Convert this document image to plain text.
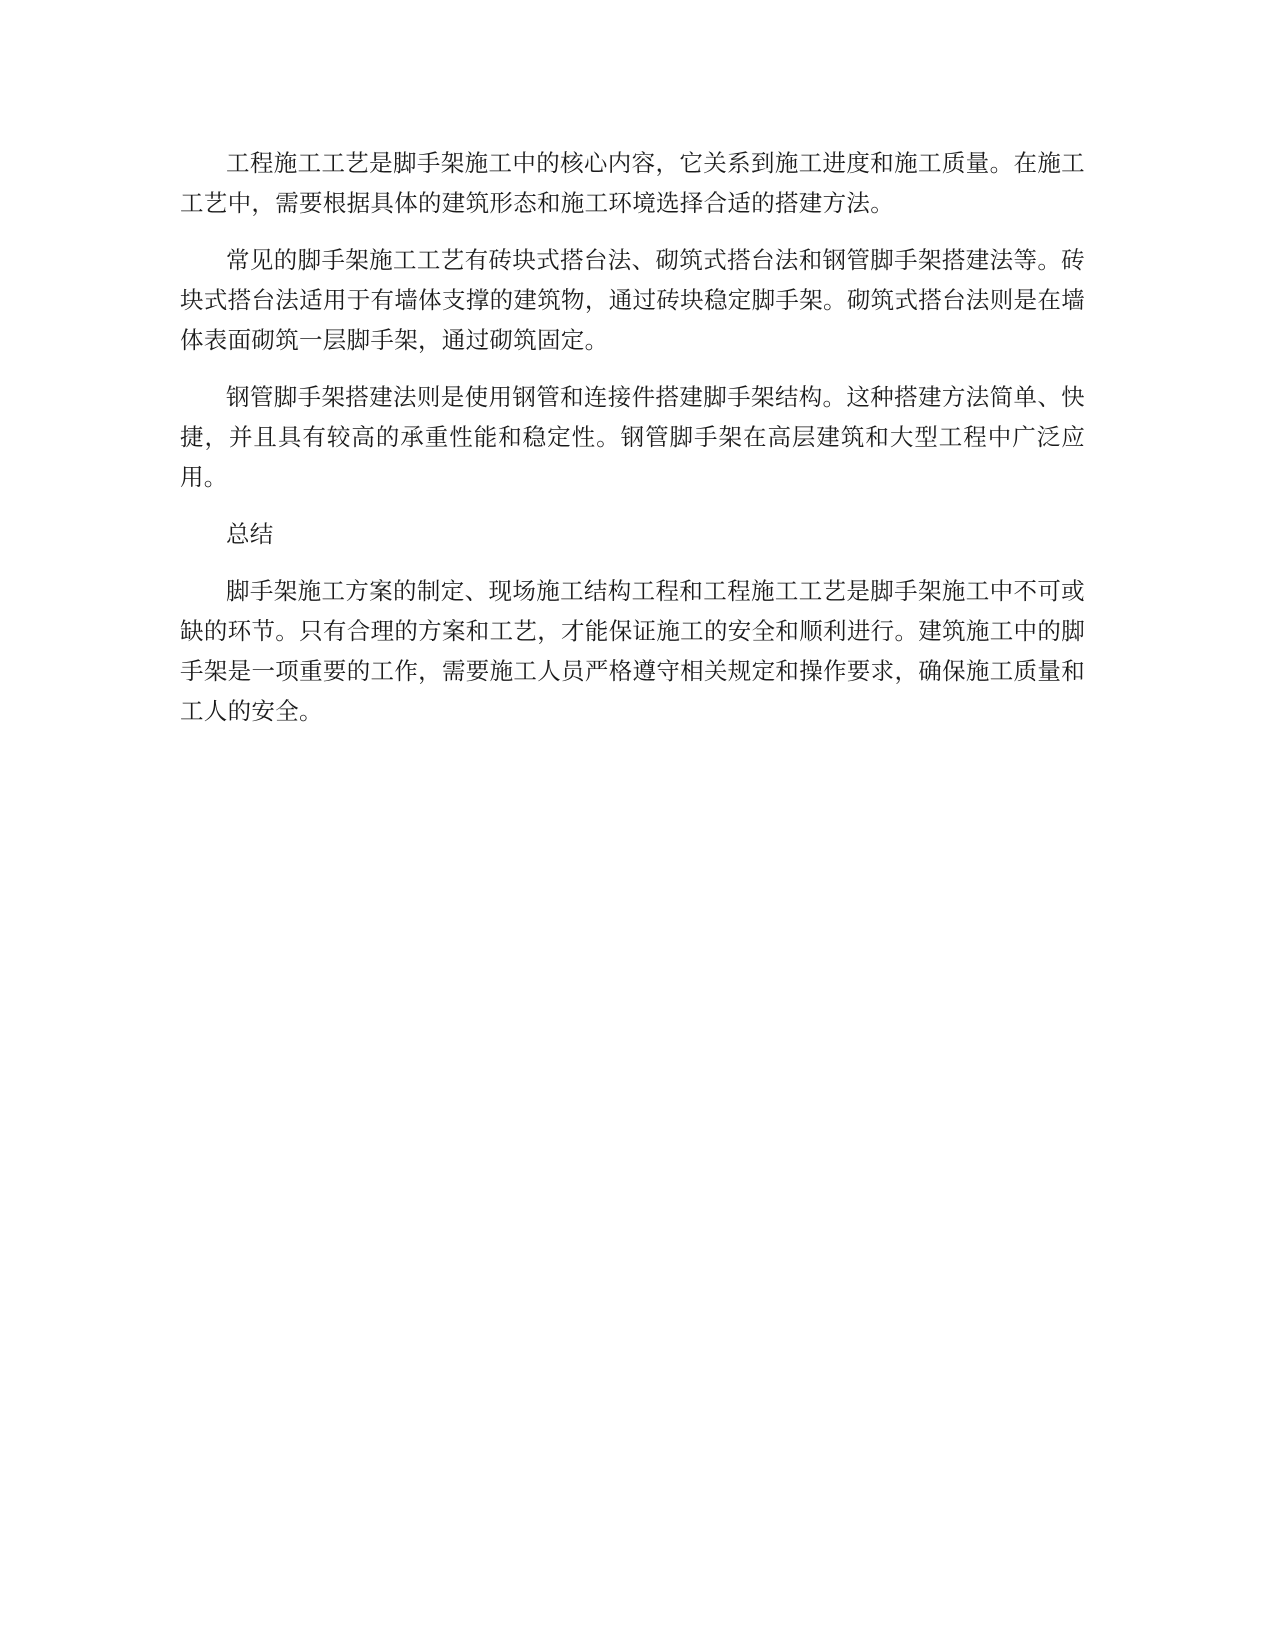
工程施工工艺是脚手架施工中的核心内容，它关系到施工进度和施工质量。在施工工艺中，需要根据具体的建筑形态和施工环境选择合适的搭建方法。

常见的脚手架施工工艺有砖块式搭台法、砌筑式搭台法和钢管脚手架搭建法等。砖块式搭台法适用于有墙体支撑的建筑物，通过砖块稳定脚手架。砌筑式搭台法则是在墙体表面砌筑一层脚手架，通过砌筑固定。

钢管脚手架搭建法则是使用钢管和连接件搭建脚手架结构。这种搭建方法简单、快捷，并且具有较高的承重性能和稳定性。钢管脚手架在高层建筑和大型工程中广泛应用。

总结

脚手架施工方案的制定、现场施工结构工程和工程施工工艺是脚手架施工中不可或缺的环节。只有合理的方案和工艺，才能保证施工的安全和顺利进行。建筑施工中的脚手架是一项重要的工作，需要施工人员严格遵守相关规定和操作要求，确保施工质量和工人的安全。
